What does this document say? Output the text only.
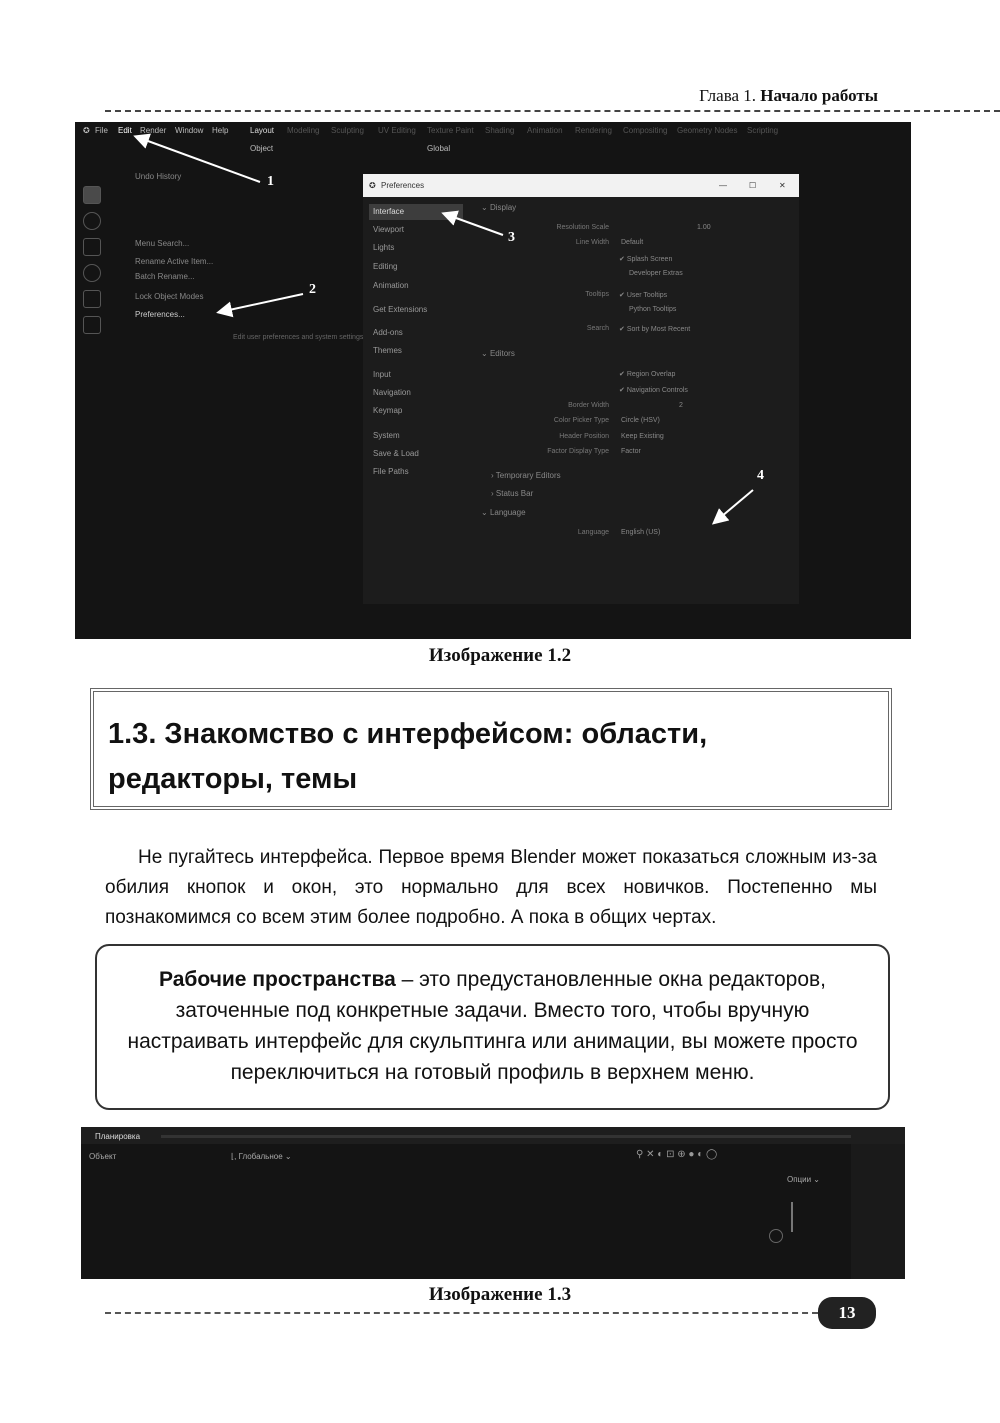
Глава 1. Начало работы
✪ File Edit Render Window Help	Layout Modeling Sculpting UV Editing Texture Paint Shading Animation Rendering Compositing Geometry Nodes Scripting
Object	Global
Undo History
Menu Search...
Rename Active Item...
Batch Rename...
Lock Object Modes
Preferences...
Edit user preferences and system settings
✪ Preferences	—	☐	✕
Interface
Viewport
Lights
Editing
Animation
Get Extensions
Add-ons
Themes
Input
Navigation
Keymap
System
Save & Load
File Paths
⌄ Display
Resolution Scale	1.00
Line Width Default
✔ Splash Screen
Developer Extras
Tooltips ✔ User Tooltips
Python Tooltips
Search ✔ Sort by Most Recent
⌄ Editors
✔ Region Overlap
✔ Navigation Controls
Border Width	2
Color Picker Type Circle (HSV)
Header Position Keep Existing
Factor Display Type Factor
› Temporary Editors
› Status Bar
⌄ Language
Language English (US)
1
2
3
4
Изображение 1.2
1.3. Знакомство с интерфейсом: области,
редакторы, темы
Не пугайтесь интерфейса. Первое время Blender может показаться сложным из-за обилия кнопок и окон, это нормально для всех новичков. Постепенно мы познакомимся со всем этим более подробно. А пока в общих чертах.
Рабочие пространства – это предустановленные окна редакторов, заточенные под конкретные задачи. Вместо того, чтобы вручную настраивать интерфейс для скульптинга или анимации, вы можете просто переключиться на готовый профиль в верхнем меню.
Планировка
Объект	⌊, Глобальное ⌄	⚲ ✕ ◐ ⊡ ⊕ ● ◐ ◯
Опции ⌄
Изображение 1.3
13
